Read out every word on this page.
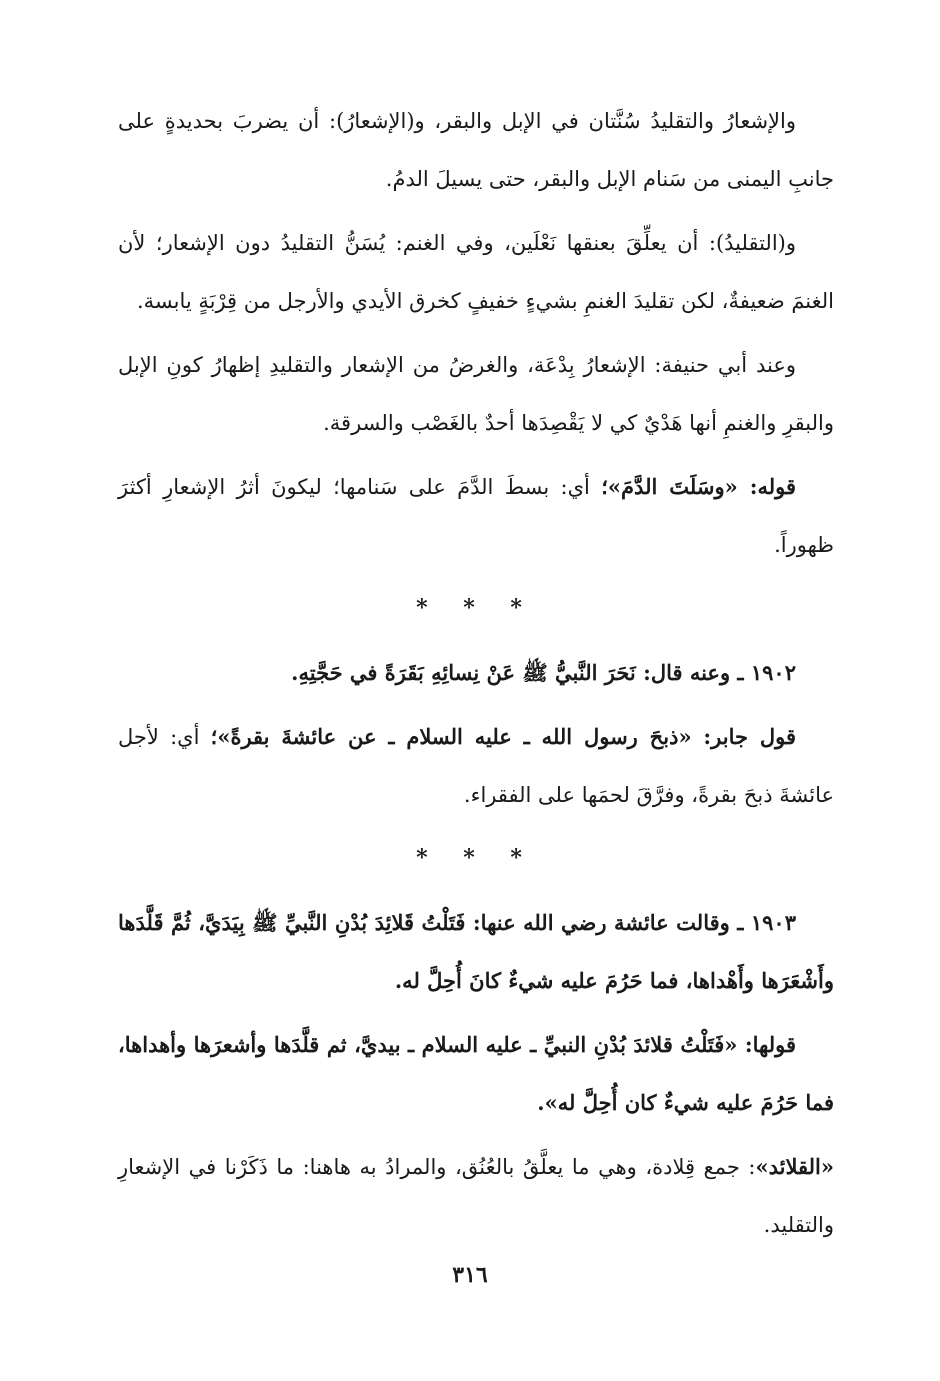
والإشعارُ والتقليدُ سُنَّتان في الإبل والبقر، و(الإشعارُ): أن يضربَ بحديدةٍ على جانبِ اليمنى من سَنام الإبل والبقر، حتى يسيلَ الدمُ.

و(التقليدُ): أن يعلِّقَ بعنقها نَعْلَين، وفي الغنم: يُسَنُّ التقليدُ دون الإشعار؛ لأن الغنمَ ضعيفةٌ، لكن تقليدَ الغنمِ بشيءٍ خفيفٍ كخرق الأيدي والأرجل من قِرْبَةٍ يابسة.

وعند أبي حنيفة: الإشعارُ بِدْعَة، والغرضُ من الإشعار والتقليدِ إظهارُ كونِ الإبل والبقرِ والغنمِ أنها هَدْيٌ كي لا يَقْصِدَها أحدٌ بالغَصْب والسرقة.

قوله: «وسَلَتَ الدَّمَ»؛ أي: بسطَ الدَّمَ على سَنامها؛ ليكونَ أثرُ الإشعارِ أكثرَ ظهوراً.

* * *

١٩٠٢ ـ وعنه قال: نَحَرَ النَّبيُّ ﷺ عَنْ نِسائِهِ بَقَرَةً في حَجَّتِهِ.

قول جابر: «ذبحَ رسول الله ـ عليه السلام ـ عن عائشةَ بقرةً»؛ أي: لأجل عائشةَ ذبحَ بقرةً، وفرَّقَ لحمَها على الفقراء.

* * *

١٩٠٣ ـ وقالت عائشة رضي الله عنها: فَتَلْتُ قَلائِدَ بُدْنِ النَّبيِّ ﷺ بِيَدَيَّ، ثُمَّ قَلَّدَها وأَشْعَرَها وأَهْداها، فما حَرُمَ عليه شيءٌ كانَ أُحِلَّ له.

قولها: «فَتَلْتُ قلائدَ بُدْنِ النبيِّ ـ عليه السلام ـ بيديَّ، ثم قلَّدَها وأشعرَها وأهداها، فما حَرُمَ عليه شيءٌ كان أُحِلَّ له».

«القلائد»: جمع قِلادة، وهي ما يعلَّقُ بالعُنُق، والمرادُ به هاهنا: ما ذَكَرْنا في الإشعارِ والتقليد.

٣١٦
